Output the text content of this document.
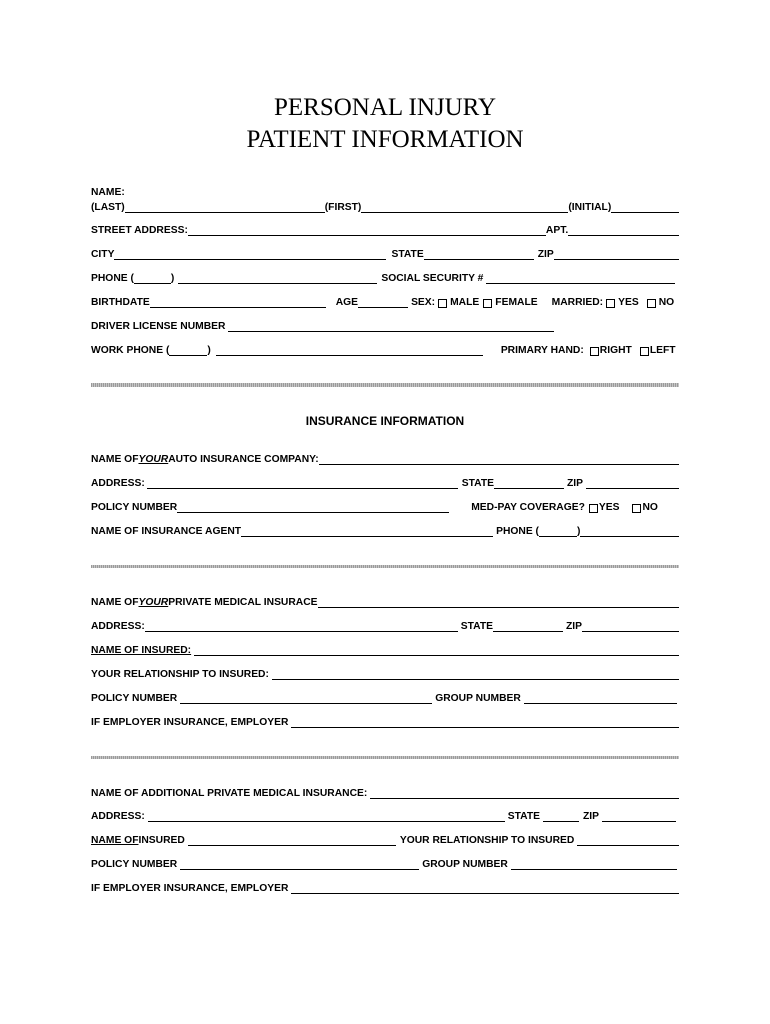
PERSONAL INJURY
PATIENT INFORMATION
NAME:
(LAST)	(FIRST)	(INITIAL)
STREET ADDRESS:	APT.
CITY	STATE	ZIP
PHONE (	)	SOCIAL SECURITY #
BIRTHDATE	AGE	SEX: MALE FEMALE MARRIED: YES NO
DRIVER LICENSE NUMBER
WORK PHONE (	)	PRIMARY HAND: RIGHT LEFT
INSURANCE INFORMATION
NAME OF YOUR AUTO INSURANCE COMPANY:
ADDRESS:	STATE	ZIP
POLICY NUMBER	MED-PAY COVERAGE? YES NO
NAME OF INSURANCE AGENT	PHONE (	)
NAME OF YOUR PRIVATE MEDICAL INSURACE
ADDRESS:	STATE	ZIP
NAME OF INSURED:
YOUR RELATIONSHIP TO INSURED:
POLICY NUMBER	GROUP NUMBER
IF EMPLOYER INSURANCE, EMPLOYER
NAME OF ADDITIONAL PRIVATE MEDICAL INSURANCE:
ADDRESS:	STATE	ZIP
NAME OF INSURED	YOUR RELATIONSHIP TO INSURED
POLICY NUMBER	GROUP NUMBER
IF EMPLOYER INSURANCE, EMPLOYER
